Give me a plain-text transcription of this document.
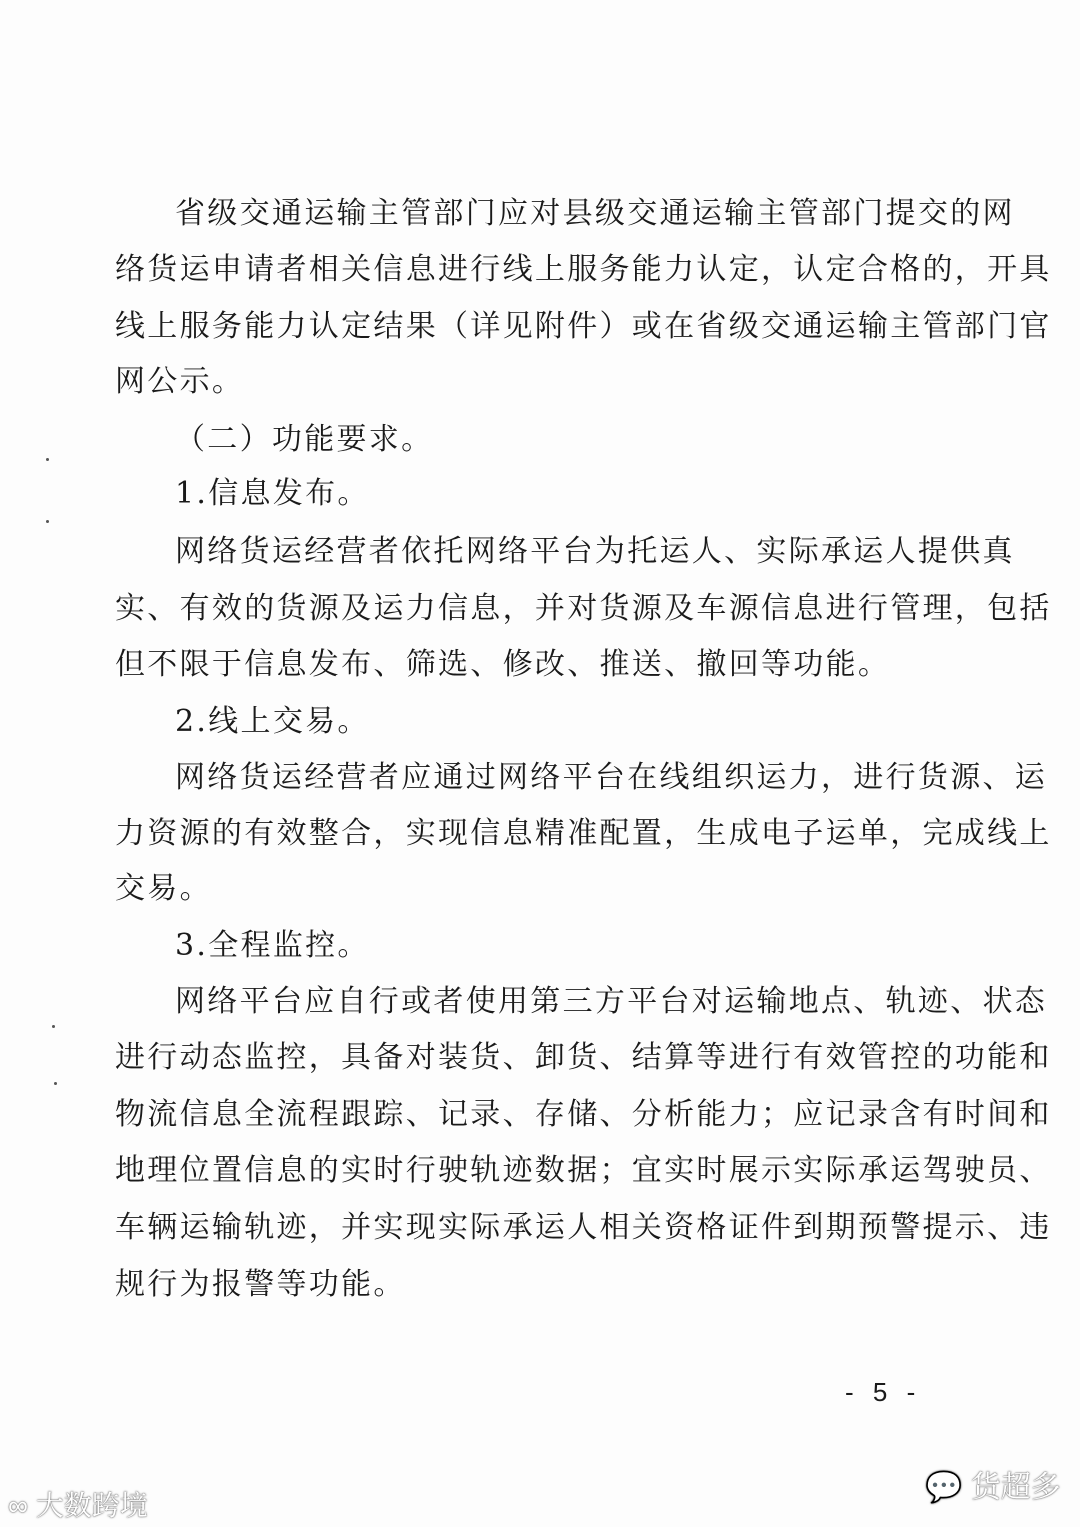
省级交通运输主管部门应对县级交通运输主管部门提交的网
络货运申请者相关信息进行线上服务能力认定，认定合格的，开具
线上服务能力认定结果（详见附件）或在省级交通运输主管部门官
网公示。
（二）功能要求。
1.信息发布。
网络货运经营者依托网络平台为托运人、实际承运人提供真
实、有效的货源及运力信息，并对货源及车源信息进行管理，包括
但不限于信息发布、筛选、修改、推送、撤回等功能。
2.线上交易。
网络货运经营者应通过网络平台在线组织运力，进行货源、运
力资源的有效整合，实现信息精准配置，生成电子运单，完成线上
交易。
3.全程监控。
网络平台应自行或者使用第三方平台对运输地点、轨迹、状态
进行动态监控，具备对装货、卸货、结算等进行有效管控的功能和
物流信息全流程跟踪、记录、存储、分析能力；应记录含有时间和
地理位置信息的实时行驶轨迹数据；宜实时展示实际承运驾驶员、
车辆运输轨迹，并实现实际承运人相关资格证件到期预警提示、违
规行为报警等功能。
- 5 -
∞ 大数跨境
💬 货超多
